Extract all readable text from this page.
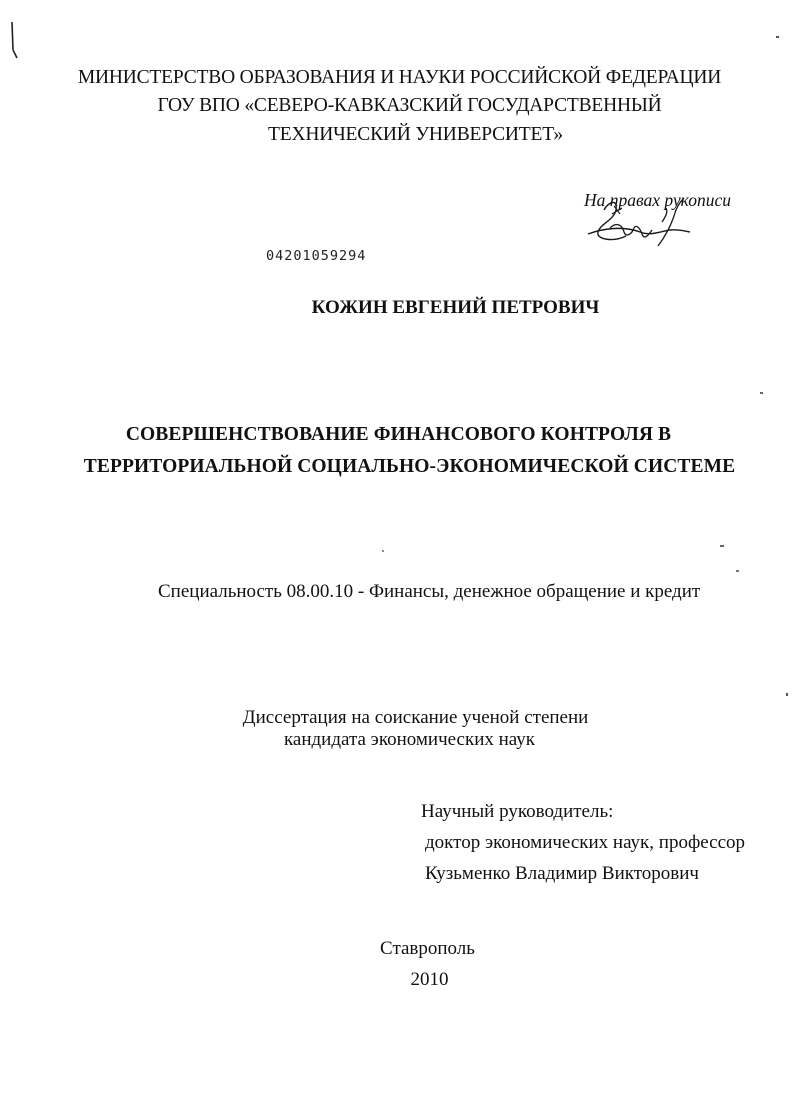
МИНИСТЕРСТВО ОБРАЗОВАНИЯ И НАУКИ РОССИЙСКОЙ ФЕДЕРАЦИИ
ГОУ ВПО «СЕВЕРО-КАВКАЗСКИЙ ГОСУДАРСТВЕННЫЙ
ТЕХНИЧЕСКИЙ УНИВЕРСИТЕТ»
На правах рукописи
04201059294
КОЖИН ЕВГЕНИЙ ПЕТРОВИЧ
СОВЕРШЕНСТВОВАНИЕ ФИНАНСОВОГО КОНТРОЛЯ В
ТЕРРИТОРИАЛЬНОЙ СОЦИАЛЬНО-ЭКОНОМИЧЕСКОЙ СИСТЕМЕ
Специальность 08.00.10 - Финансы, денежное обращение и кредит
Диссертация на соискание ученой степени
кандидата экономических наук
Научный руководитель:
доктор экономических наук, профессор
Кузьменко Владимир Викторович
Ставрополь
2010
